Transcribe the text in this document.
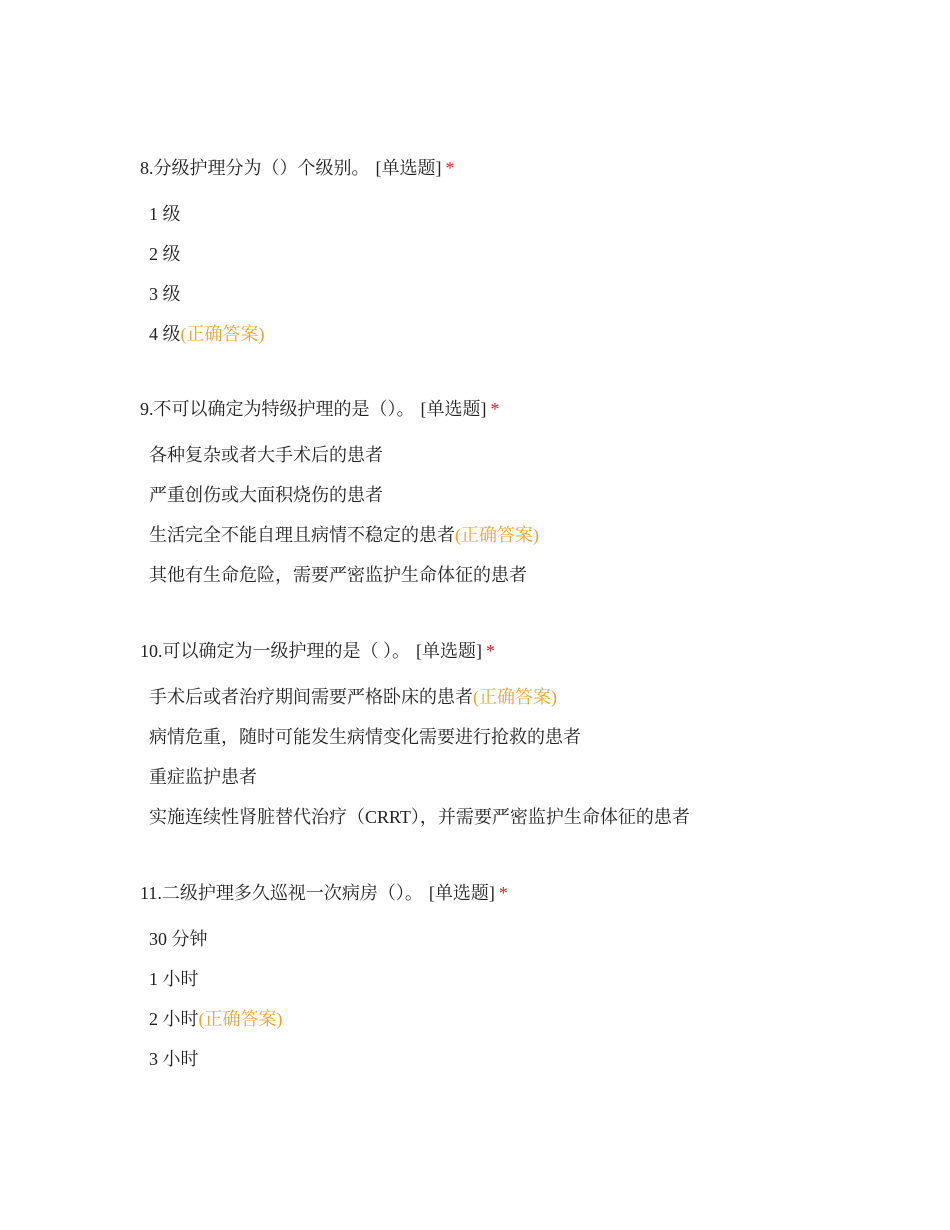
8.分级护理分为（）个级别。 [单选题] *
1 级
2 级
3 级
4 级(正确答案)
9.不可以确定为特级护理的是（）。 [单选题] *
各种复杂或者大手术后的患者
严重创伤或大面积烧伤的患者
生活完全不能自理且病情不稳定的患者(正确答案)
其他有生命危险，需要严密监护生命体征的患者
10.可以确定为一级护理的是（ ）。 [单选题] *
手术后或者治疗期间需要严格卧床的患者(正确答案)
病情危重，随时可能发生病情变化需要进行抢救的患者
重症监护患者
实施连续性肾脏替代治疗（CRRT），并需要严密监护生命体征的患者
11.二级护理多久巡视一次病房（）。 [单选题] *
30 分钟
1 小时
2 小时(正确答案)
3 小时
